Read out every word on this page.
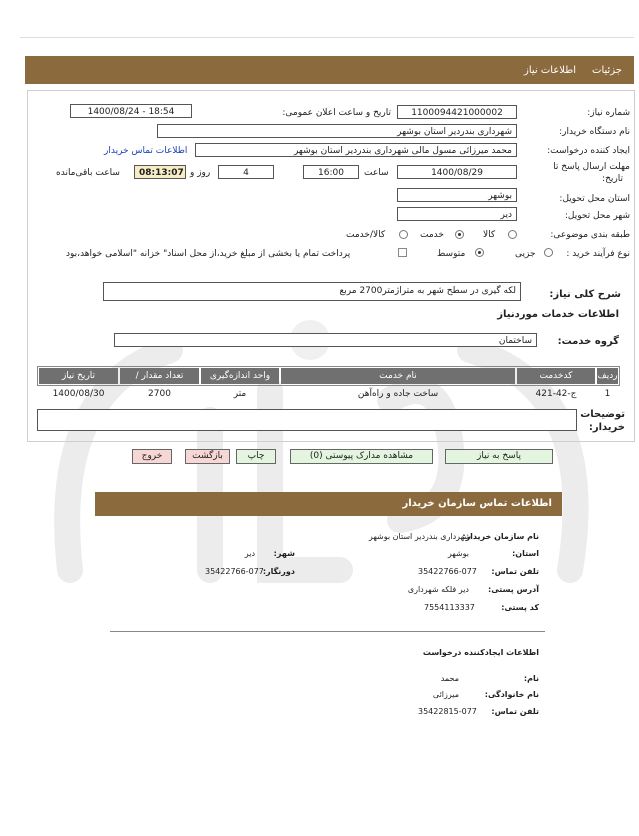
جزئیات
اطلاعات نیاز
شماره نیاز:
1100094421000002
تاریخ و ساعت اعلان عمومی:
1400/08/24 - 18:54
نام دستگاه خریدار:
شهرداری بندردیر استان بوشهر
ایجاد کننده درخواست:
محمد میرزائی مسول مالی شهرداری بندردیر استان بوشهر
اطلاعات تماس خریدار
مهلت ارسال پاسخ تا
تاریخ:
1400/08/29
ساعت
16:00
4
روز و
08:13:07
ساعت باقی‌مانده
استان محل تحویل:
بوشهر
شهر محل تحویل:
دیر
طبقه بندی موضوعی:
کالا
خدمت
کالا/خدمت
نوع فرآیند خرید :
جزیی
متوسط
پرداخت تمام یا بخشی از مبلغ خرید،از محل اسناد" خزانه "اسلامی خواهد،بود
شرح کلی نیاز:
لکه گیری در سطح شهر به متراژمتر2700 مربع
اطلاعات خدمات موردنیاز
گروه خدمت:
ساختمان
ردیف
کدخدمت
نام خدمت
واحد اندازه‌گیری
/ تعداد مقدار
تاریخ نیاز
1
ج-42-421
ساخت جاده و راه‌آهن
متر
2700
1400/08/30
توضیحات
خریدار:
پاسخ به نیاز
مشاهده مدارک پیوستی (0)
چاپ
بازگشت
خروج
اطلاعات تماس سازمان خریدار
نام سازمان خریدار:
شهرداری بندردیر استان بوشهر
استان:
بوشهر
شهر:
دیر
تلفن تماس:
35422766-077
دورنگار:
35422766-077
آدرس پستی:
دیر فلکه شهرداری
کد پستی:
7554113337
اطلاعات ایجادکننده درخواست
نام:
محمد
نام خانوادگی:
میرزائی
تلفن تماس:
35422815-077
